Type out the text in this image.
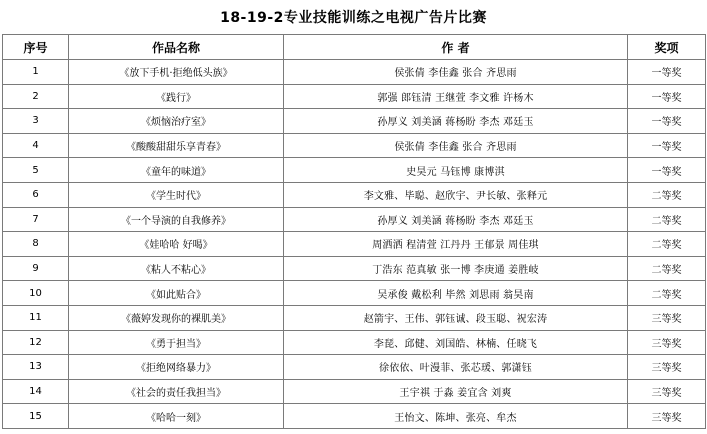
18-19-2专业技能训练之电视广告片比赛
序号	作品名称	作 者	奖项
1	《放下手机·拒绝低头族》	侯张倩 李佳鑫 张合 齐思雨	一等奖
2	《践行》	郭强 郎钰清 王继萱 李文雅 许杨木	一等奖
3	《烦恼治疗室》	孙厚义 刘美涵 蒋杨盼 李杰 邓廷玉	一等奖
4	《酸酸甜甜乐享青春》	侯张倩 李佳鑫 张合 齐思雨	一等奖
5	《童年的味道》	史昊元 马钰博 康博淇	一等奖
6	《学生时代》	李文雅、毕聪、赵欣宇、尹长敏、张释元	二等奖
7	《一个导演的自我修养》	孙厚义 刘美涵 蒋杨盼 李杰 邓廷玉	二等奖
8	《娃哈哈 好喝》	周洒洒 程清萱 江丹丹 王郁景 周佳琪	二等奖
9	《粘人不粘心》	丁浩东 范真敏 张一博 李庚通 姜胜岐	二等奖
10	《如此贴合》	吴承俊 戴松利 毕然 刘思雨 翁昊南	二等奖
11	《薇婷发现你的裸肌美》	赵箭宇、王伟、郭钰诚、段玉聪、祝宏涛	三等奖
12	《勇于担当》	李琵、邱健、刘国皓、林楠、任晓飞	三等奖
13	《拒绝网络暴力》	徐依依、叶漫菲、张芯瑗、郭潇钰	三等奖
14	《社会的责任我担当》	王宇祺 于淼 姜宜含 刘爽	三等奖
15	《哈哈一刻》	王怡文、陈坤、张亮、牟杰	三等奖
